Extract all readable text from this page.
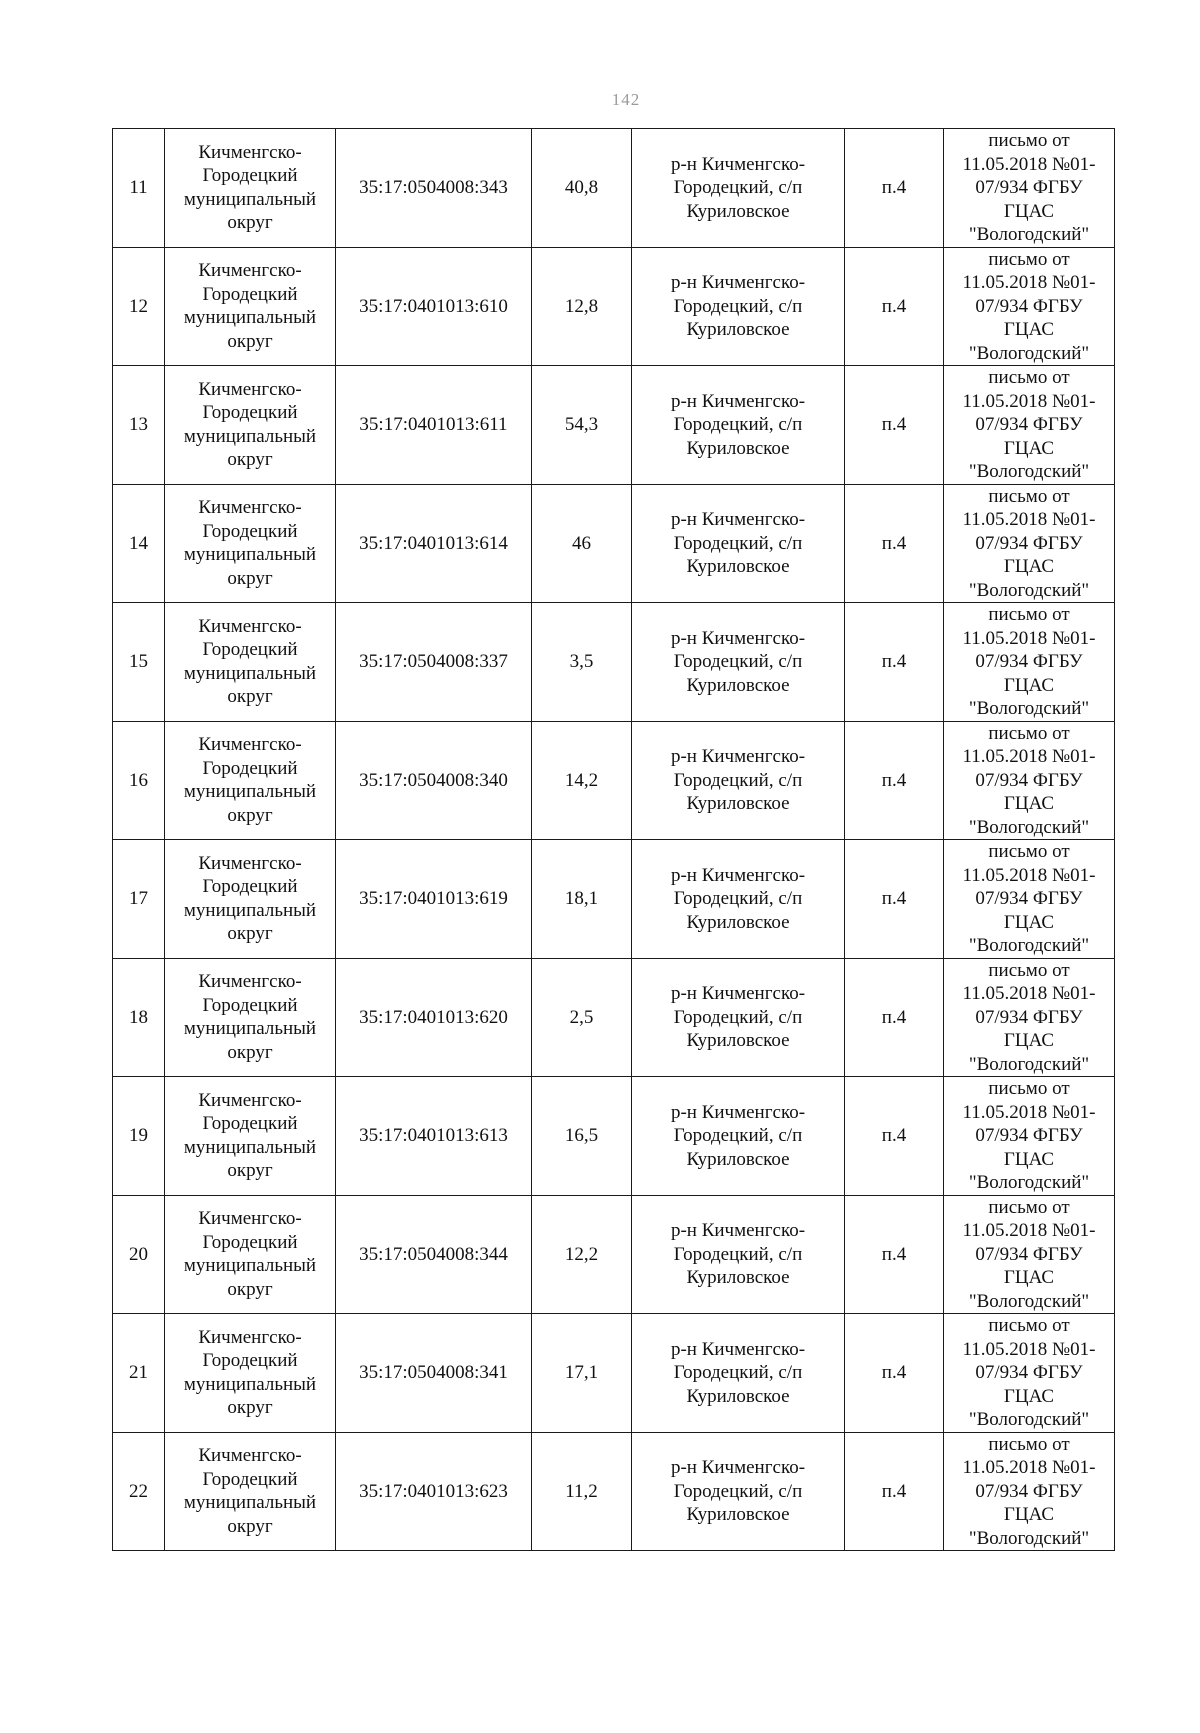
142
11	Кичменгско-
Городецкий
муниципальный
округ	35:17:0504008:343	40,8	р-н Кичменгско-
Городецкий, с/п
Куриловское	п.4	письмо от
11.05.2018 №01-
07/934 ФГБУ
ГЦАС
"Вологодский"

12	Кичменгско-
Городецкий
муниципальный
округ	35:17:0401013:610	12,8	р-н Кичменгско-
Городецкий, с/п
Куриловское	п.4	письмо от
11.05.2018 №01-
07/934 ФГБУ
ГЦАС
"Вологодский"

13	Кичменгско-
Городецкий
муниципальный
округ	35:17:0401013:611	54,3	р-н Кичменгско-
Городецкий, с/п
Куриловское	п.4	письмо от
11.05.2018 №01-
07/934 ФГБУ
ГЦАС
"Вологодский"

14	Кичменгско-
Городецкий
муниципальный
округ	35:17:0401013:614	46	р-н Кичменгско-
Городецкий, с/п
Куриловское	п.4	письмо от
11.05.2018 №01-
07/934 ФГБУ
ГЦАС
"Вологодский"

15	Кичменгско-
Городецкий
муниципальный
округ	35:17:0504008:337	3,5	р-н Кичменгско-
Городецкий, с/п
Куриловское	п.4	письмо от
11.05.2018 №01-
07/934 ФГБУ
ГЦАС
"Вологодский"

16	Кичменгско-
Городецкий
муниципальный
округ	35:17:0504008:340	14,2	р-н Кичменгско-
Городецкий, с/п
Куриловское	п.4	письмо от
11.05.2018 №01-
07/934 ФГБУ
ГЦАС
"Вологодский"

17	Кичменгско-
Городецкий
муниципальный
округ	35:17:0401013:619	18,1	р-н Кичменгско-
Городецкий, с/п
Куриловское	п.4	письмо от
11.05.2018 №01-
07/934 ФГБУ
ГЦАС
"Вологодский"

18	Кичменгско-
Городецкий
муниципальный
округ	35:17:0401013:620	2,5	р-н Кичменгско-
Городецкий, с/п
Куриловское	п.4	письмо от
11.05.2018 №01-
07/934 ФГБУ
ГЦАС
"Вологодский"

19	Кичменгско-
Городецкий
муниципальный
округ	35:17:0401013:613	16,5	р-н Кичменгско-
Городецкий, с/п
Куриловское	п.4	письмо от
11.05.2018 №01-
07/934 ФГБУ
ГЦАС
"Вологодский"

20	Кичменгско-
Городецкий
муниципальный
округ	35:17:0504008:344	12,2	р-н Кичменгско-
Городецкий, с/п
Куриловское	п.4	письмо от
11.05.2018 №01-
07/934 ФГБУ
ГЦАС
"Вологодский"

21	Кичменгско-
Городецкий
муниципальный
округ	35:17:0504008:341	17,1	р-н Кичменгско-
Городецкий, с/п
Куриловское	п.4	письмо от
11.05.2018 №01-
07/934 ФГБУ
ГЦАС
"Вологодский"

22	Кичменгско-
Городецкий
муниципальный
округ	35:17:0401013:623	11,2	р-н Кичменгско-
Городецкий, с/п
Куриловское	п.4	письмо от
11.05.2018 №01-
07/934 ФГБУ
ГЦАС
"Вологодский"
